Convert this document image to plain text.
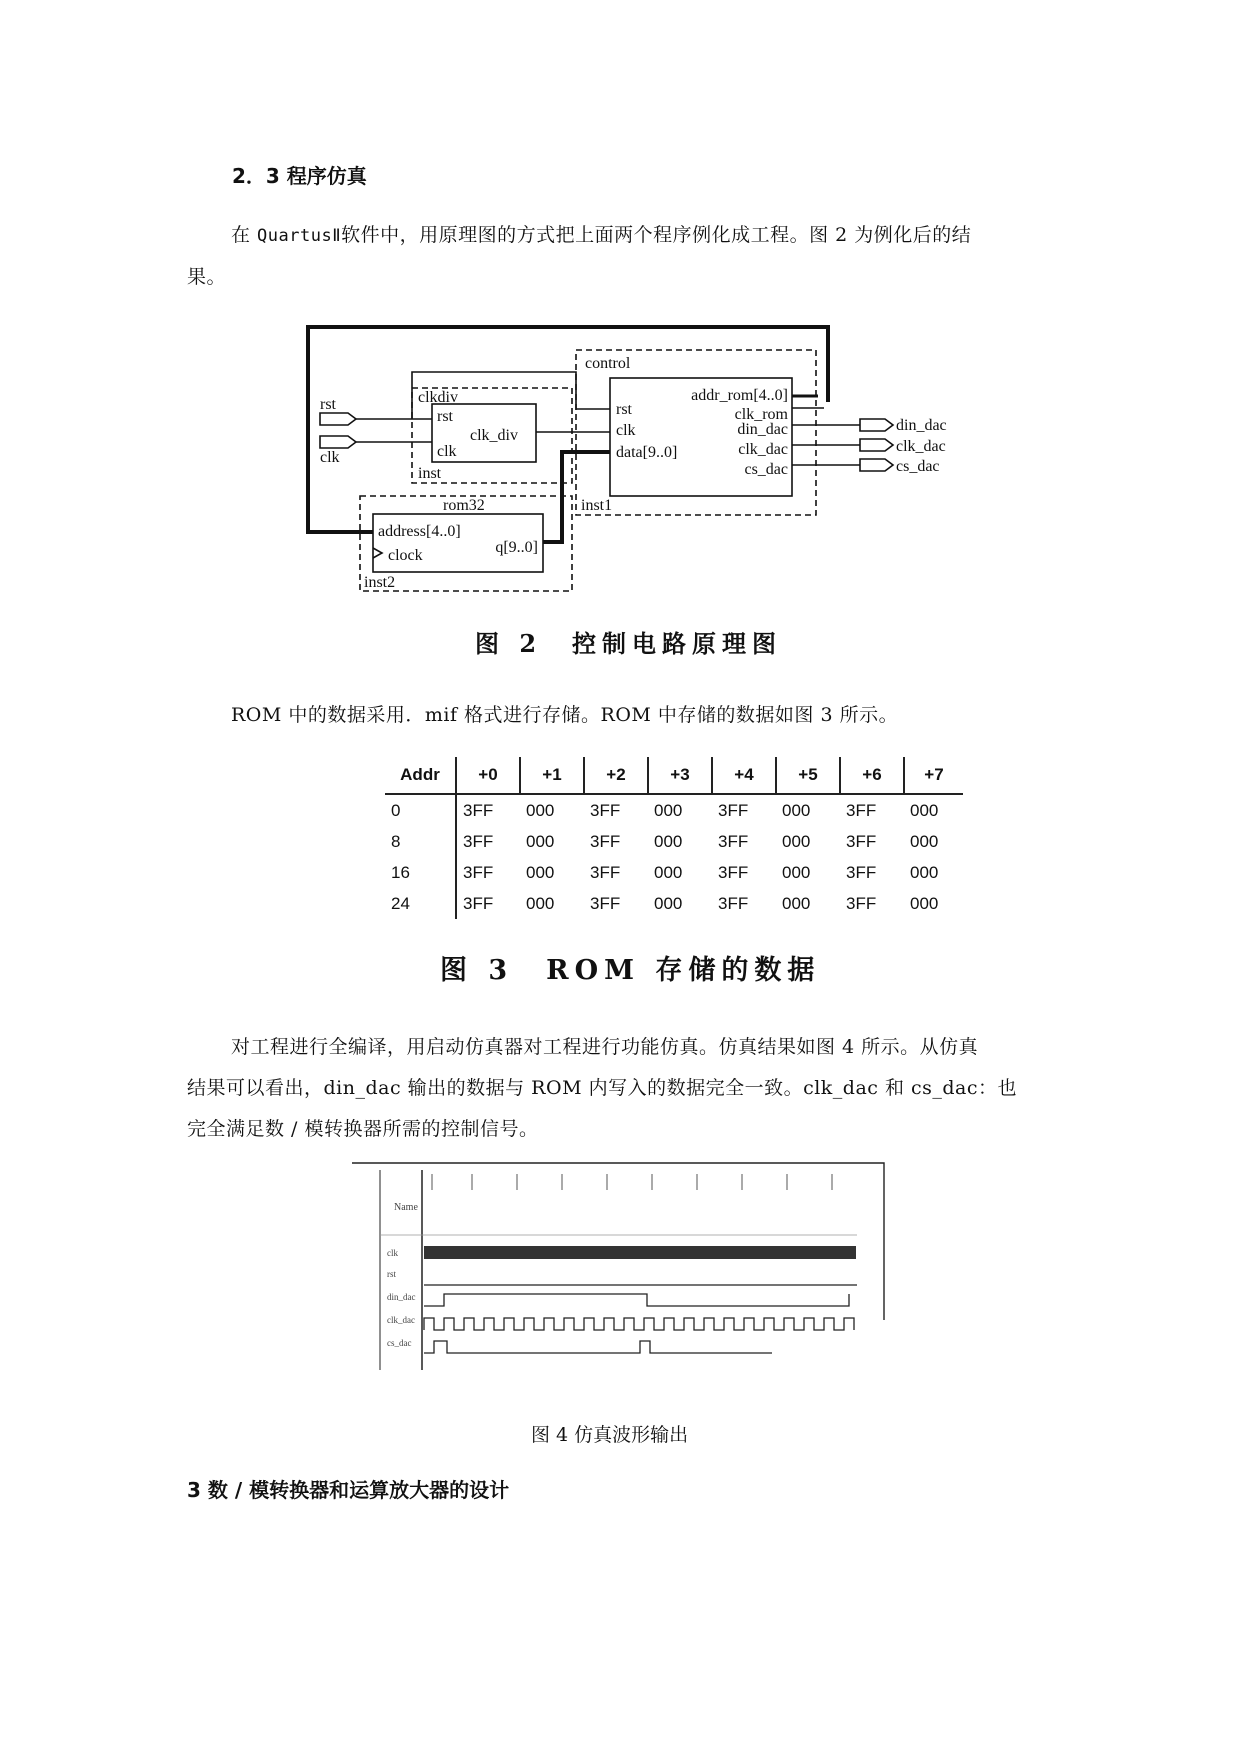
2．3 程序仿真
在 QuartusⅡ软件中，用原理图的方式把上面两个程序例化成工程。图 2 为例化后的结
果。
control
clkdiv
inst
inst1
rom32
inst2
rst
clk
rst
clk
clk_div
rst
clk
data[9..0]
addr_rom[4..0]
clk_rom
din_dac
clk_dac
cs_dac
address[4..0]
clock	q[9..0]
din_dac
clk_dac
cs_dac
图 2　控制电路原理图
ROM 中的数据采用．mif 格式进行存储。ROM 中存储的数据如图 3 所示。
Addr	+0	+1	+2	+3	+4	+5	+6	+7
0	3FF	000	3FF	000	3FF	000	3FF	000
8	3FF	000	3FF	000	3FF	000	3FF	000
16	3FF	000	3FF	000	3FF	000	3FF	000
24	3FF	000	3FF	000	3FF	000	3FF	000
图 3　ROM 存储的数据
对工程进行全编译，用启动仿真器对工程进行功能仿真。仿真结果如图 4 所示。从仿真
结果可以看出，din_dac 输出的数据与 ROM 内写入的数据完全一致。clk_dac 和 cs_dac：也
完全满足数 / 模转换器所需的控制信号。
Name
clk
rst
din_dac
clk_dac
cs_dac
图 4 仿真波形输出
3 数 / 模转换器和运算放大器的设计
